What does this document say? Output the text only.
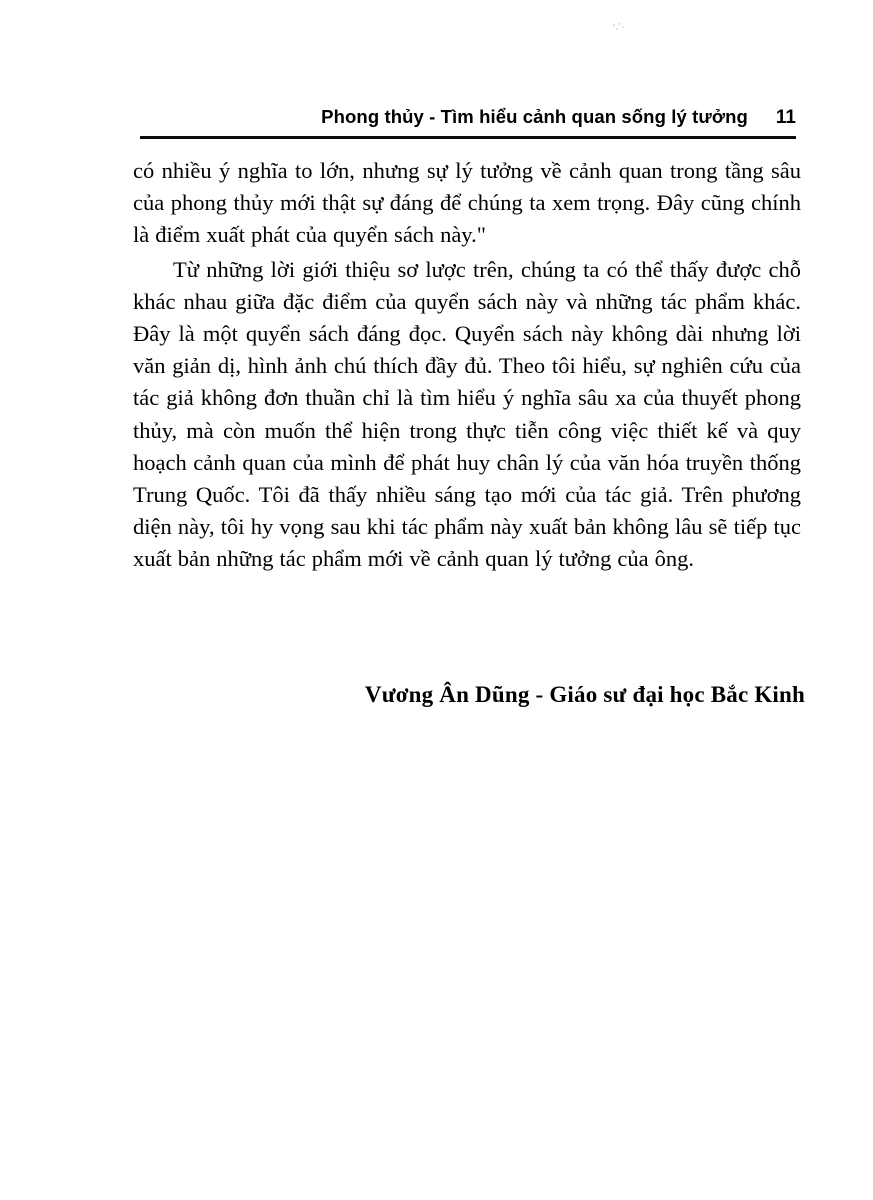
Phong thủy - Tìm hiểu cảnh quan sống lý tưởng 11

có nhiều ý nghĩa to lớn, nhưng sự lý tưởng về cảnh quan trong tầng sâu của phong thủy mới thật sự đáng để chúng ta xem trọng. Đây cũng chính là điểm xuất phát của quyển sách này."

Từ những lời giới thiệu sơ lược trên, chúng ta có thể thấy được chỗ khác nhau giữa đặc điểm của quyển sách này và những tác phẩm khác. Đây là một quyển sách đáng đọc. Quyển sách này không dài nhưng lời văn giản dị, hình ảnh chú thích đầy đủ. Theo tôi hiểu, sự nghiên cứu của tác giả không đơn thuần chỉ là tìm hiểu ý nghĩa sâu xa của thuyết phong thủy, mà còn muốn thể hiện trong thực tiễn công việc thiết kế và quy hoạch cảnh quan của mình để phát huy chân lý của văn hóa truyền thống Trung Quốc. Tôi đã thấy nhiều sáng tạo mới của tác giả. Trên phương diện này, tôi hy vọng sau khi tác phẩm này xuất bản không lâu sẽ tiếp tục xuất bản những tác phẩm mới về cảnh quan lý tưởng của ông.

Vương Ân Dũng - Giáo sư đại học Bắc Kinh
